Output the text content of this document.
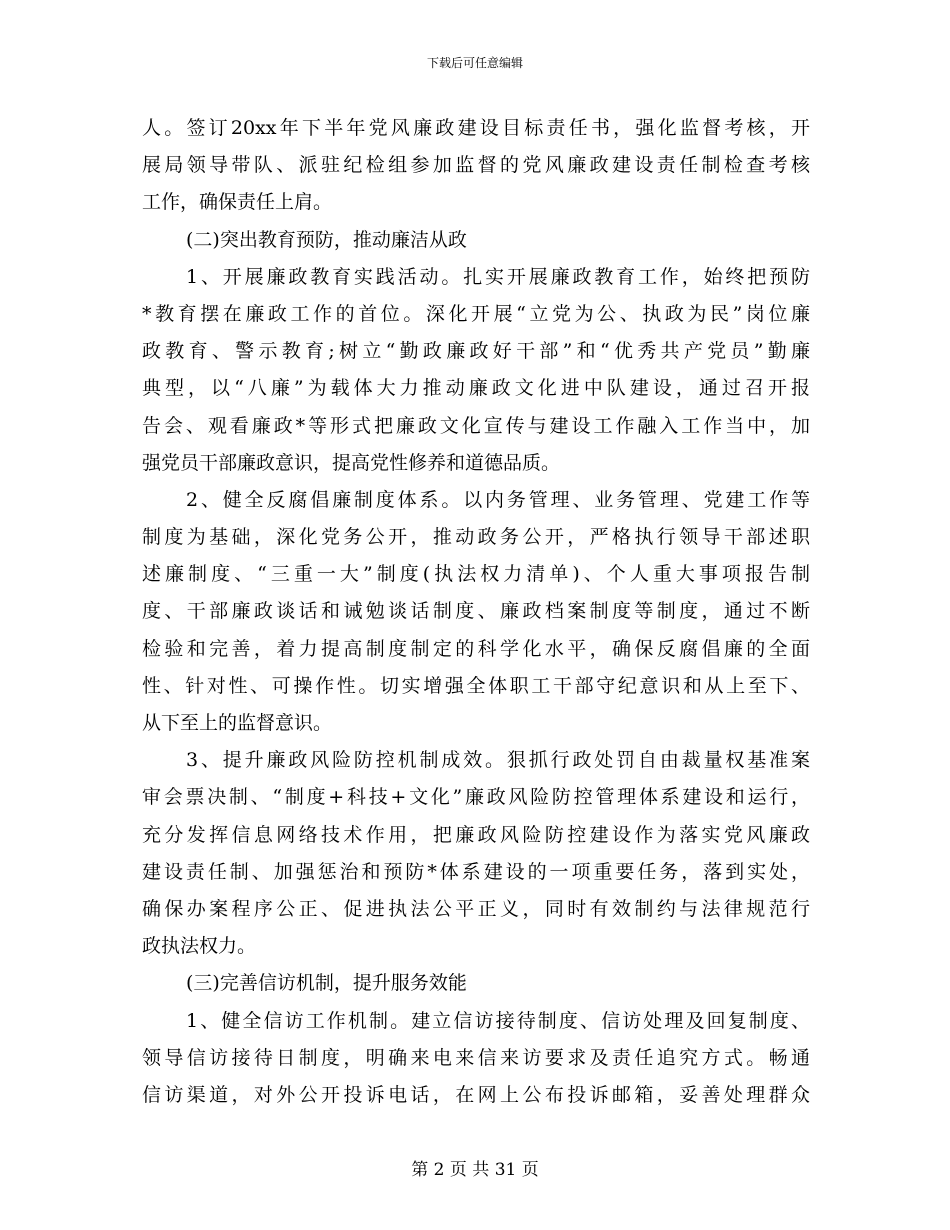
下载后可任意编辑
人。签订20xx年下半年党风廉政建设目标责任书，强化监督考核，开
展局领导带队、派驻纪检组参加监督的党风廉政建设责任制检查考核
工作，确保责任上肩。
(二)突出教育预防，推动廉洁从政
1、开展廉政教育实践活动。扎实开展廉政教育工作，始终把预防
*教育摆在廉政工作的首位。深化开展“立党为公、执政为民”岗位廉
政教育、警示教育;树立“勤政廉政好干部”和“优秀共产党员”勤廉
典型，以“八廉”为载体大力推动廉政文化进中队建设，通过召开报
告会、观看廉政*等形式把廉政文化宣传与建设工作融入工作当中，加
强党员干部廉政意识，提高党性修养和道德品质。
2、健全反腐倡廉制度体系。以内务管理、业务管理、党建工作等
制度为基础，深化党务公开，推动政务公开，严格执行领导干部述职
述廉制度、“三重一大”制度(执法权力清单)、个人重大事项报告制
度、干部廉政谈话和诫勉谈话制度、廉政档案制度等制度，通过不断
检验和完善，着力提高制度制定的科学化水平，确保反腐倡廉的全面
性、针对性、可操作性。切实增强全体职工干部守纪意识和从上至下、
从下至上的监督意识。
3、提升廉政风险防控机制成效。狠抓行政处罚自由裁量权基准案
审会票决制、“制度+科技+文化”廉政风险防控管理体系建设和运行，
充分发挥信息网络技术作用，把廉政风险防控建设作为落实党风廉政
建设责任制、加强惩治和预防*体系建设的一项重要任务，落到实处，
确保办案程序公正、促进执法公平正义，同时有效制约与法律规范行
政执法权力。
(三)完善信访机制，提升服务效能
1、健全信访工作机制。建立信访接待制度、信访处理及回复制度、
领导信访接待日制度，明确来电来信来访要求及责任追究方式。畅通
信访渠道，对外公开投诉电话，在网上公布投诉邮箱，妥善处理群众
第 2 页 共 31 页
